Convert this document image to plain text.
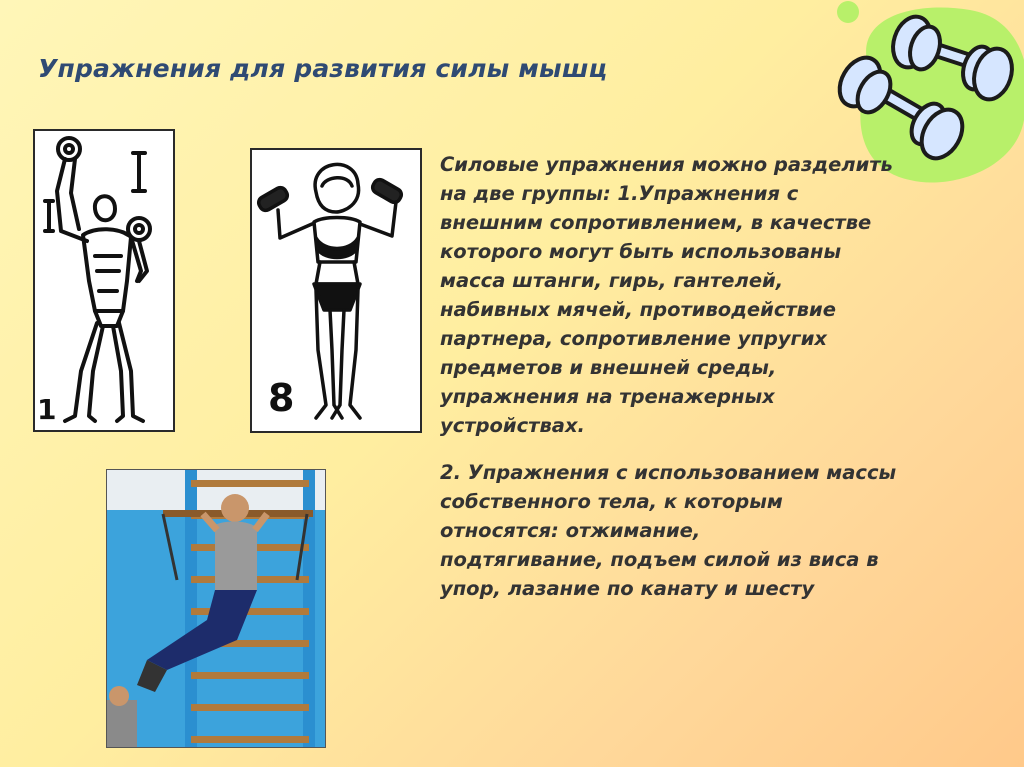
Упражнения для развития силы мышц
1	8

Силовые упражнения можно разделить
на две группы: 1.Упражнения с
внешним сопротивлением, в качестве
которого могут быть использованы
масса штанги, гирь, гантелей,
набивных мячей, противодействие
партнера, сопротивление упругих
предметов и внешней среды,
упражнения на тренажерных
устройствах.

2. Упражнения с использованием массы
собственного тела, к которым
относятся: отжимание,
подтягивание, подъем силой из виса в
упор, лазание по канату и шесту
